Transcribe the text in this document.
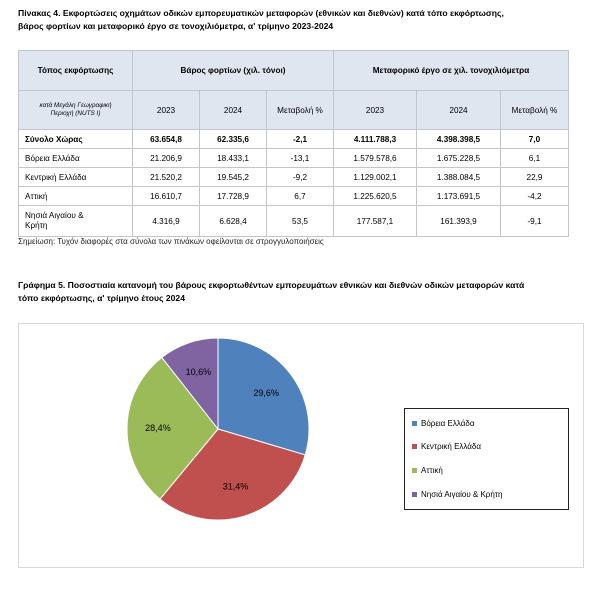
Πίνακας 4. Εκφορτώσεις οχημάτων οδικών εμπορευματικών μεταφορών (εθνικών και διεθνών) κατά τόπο εκφόρτωσης,
βάρος φορτίων και μεταφορικό έργο σε τονοχιλιόμετρα, α' τρίμηνο 2023-2024
Τόπος εκφόρτωσης	Βάρος φορτίων (χιλ. τόνοι)			Μεταφορικό έργο σε χιλ. τονοχιλιόμετρα		
κατά Μεγάλη Γεωγραφική Περιοχή (NUTS I)	2023	2024	Μεταβολή %	2023	2024	Μεταβολή %
Σύνολο Χώρας	63.654,8	62.335,6	-2,1	4.111.788,3	4.398.398,5	7,0
Βόρεια Ελλάδα	21.206,9	18.433,1	-13,1	1.579.578,6	1.675.228,5	6,1
Κεντρική Ελλάδα	21.520,2	19.545,2	-9,2	1.129.002,1	1.388.084,5	22,9
Αττική	16.610,7	17.728,9	6,7	1.225.620,5	1.173.691,5	-4,2
Νησιά Αιγαίου & Κρήτη	4.316,9	6.628,4	53,5	177.587,1	161.393,9	-9,1
Σημείωση: Τυχόν διαφορές στα σύνολα των πινάκων οφείλονται σε στρογγυλοποιήσεις
Γράφημα 5. Ποσοστιαία κατανομή του βάρους εκφορτωθέντων εμπορευμάτων εθνικών και διεθνών οδικών μεταφορών κατά
τόπο εκφόρτωσης, α' τρίμηνο έτους 2024
29,6%
31,4%
28,4%
10,6%
Βόρεια Ελλάδα
Κεντρική Ελλάδα
Αττική
Νησιά Αιγαίου & Κρήτη
